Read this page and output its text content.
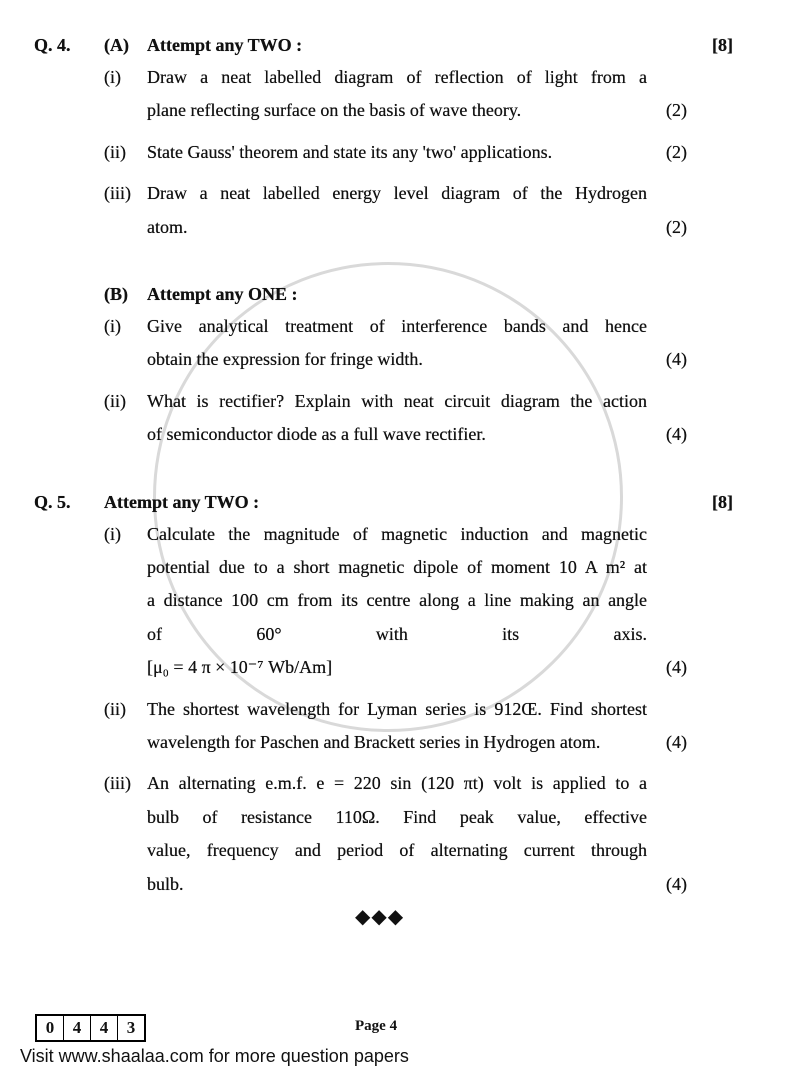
Q. 4.	[8]
(A) Attempt any TWO :
(i) Draw a neat labelled diagram of reflection of light from a
plane reflecting surface on the basis of wave theory.	(2)
(ii) State Gauss' theorem and state its any 'two' applications.	(2)
(iii) Draw a neat labelled energy level diagram of the Hydrogen
atom.	(2)
(B) Attempt any ONE :
(i) Give analytical treatment of interference bands and hence
obtain the expression for fringe width.	(4)
(ii) What is rectifier? Explain with neat circuit diagram the action
of semiconductor diode as a full wave rectifier.	(4)
Q. 5.	[8]
Attempt any TWO :
(i) Calculate the magnitude of magnetic induction and magnetic
potential due to a short magnetic dipole of moment 10 A m² at
a distance 100 cm from its centre along a line making an angle
of 60° with its axis.
[μ₀ = 4 π × 10⁻⁷ Wb/Am]	(4)
(ii) The shortest wavelength for Lyman series is 912Œ. Find shortest
wavelength for Paschen and Brackett series in Hydrogen atom.	(4)
(iii) An alternating e.m.f. e = 220 sin (120 πt) volt is applied to a
bulb of resistance 110Ω. Find peak value, effective
value, frequency and period of alternating current through
bulb.	(4)
◆◆◆
0	4	4	3	Page 4
Visit www.shaalaa.com for more question papers
